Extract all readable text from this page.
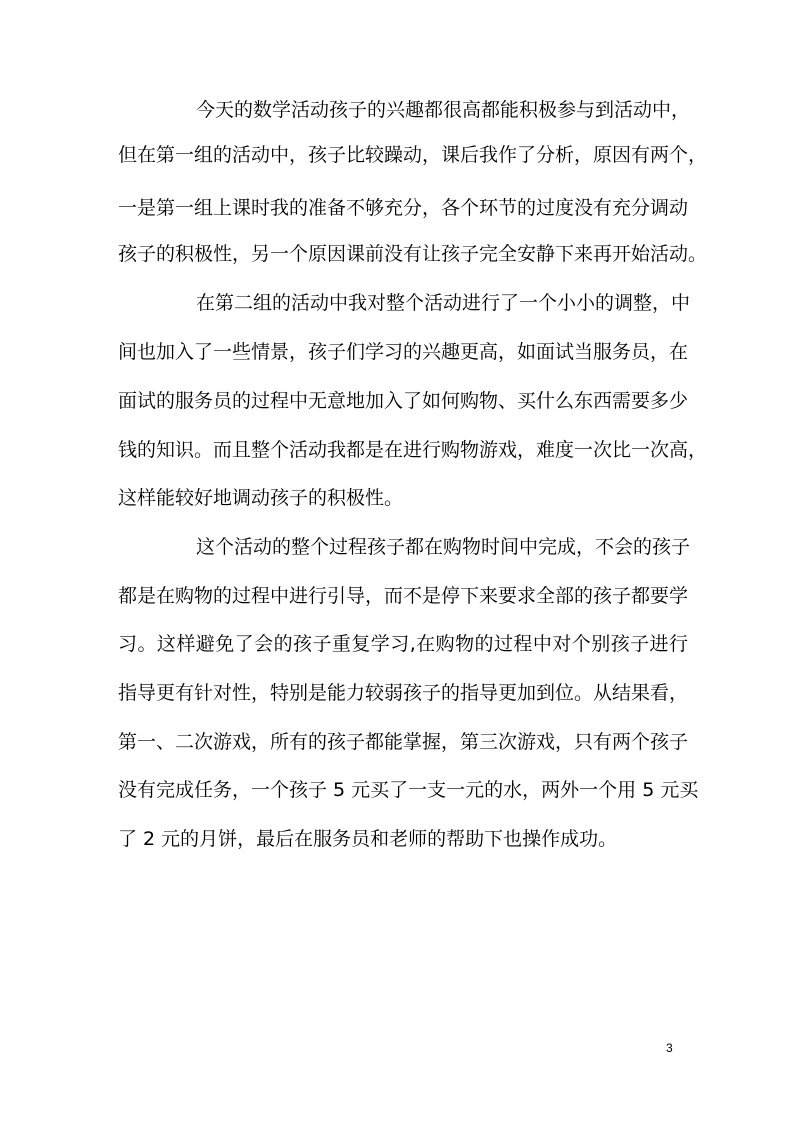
今天的数学活动孩子的兴趣都很高都能积极参与到活动中，
但在第一组的活动中，孩子比较躁动，课后我作了分析，原因有两个，
一是第一组上课时我的准备不够充分，各个环节的过度没有充分调动
孩子的积极性，另一个原因课前没有让孩子完全安静下来再开始活动。
在第二组的活动中我对整个活动进行了一个小小的调整，中
间也加入了一些情景，孩子们学习的兴趣更高，如面试当服务员，在
面试的服务员的过程中无意地加入了如何购物、买什么东西需要多少
钱的知识。而且整个活动我都是在进行购物游戏，难度一次比一次高，
这样能较好地调动孩子的积极性。
这个活动的整个过程孩子都在购物时间中完成，不会的孩子
都是在购物的过程中进行引导，而不是停下来要求全部的孩子都要学
习。这样避免了会的孩子重复学习,在购物的过程中对个别孩子进行
指导更有针对性，特别是能力较弱孩子的指导更加到位。从结果看，
第一、二次游戏，所有的孩子都能掌握，第三次游戏，只有两个孩子
没有完成任务，一个孩子 5 元买了一支一元的水，两外一个用 5 元买
了 2 元的月饼，最后在服务员和老师的帮助下也操作成功。
3
